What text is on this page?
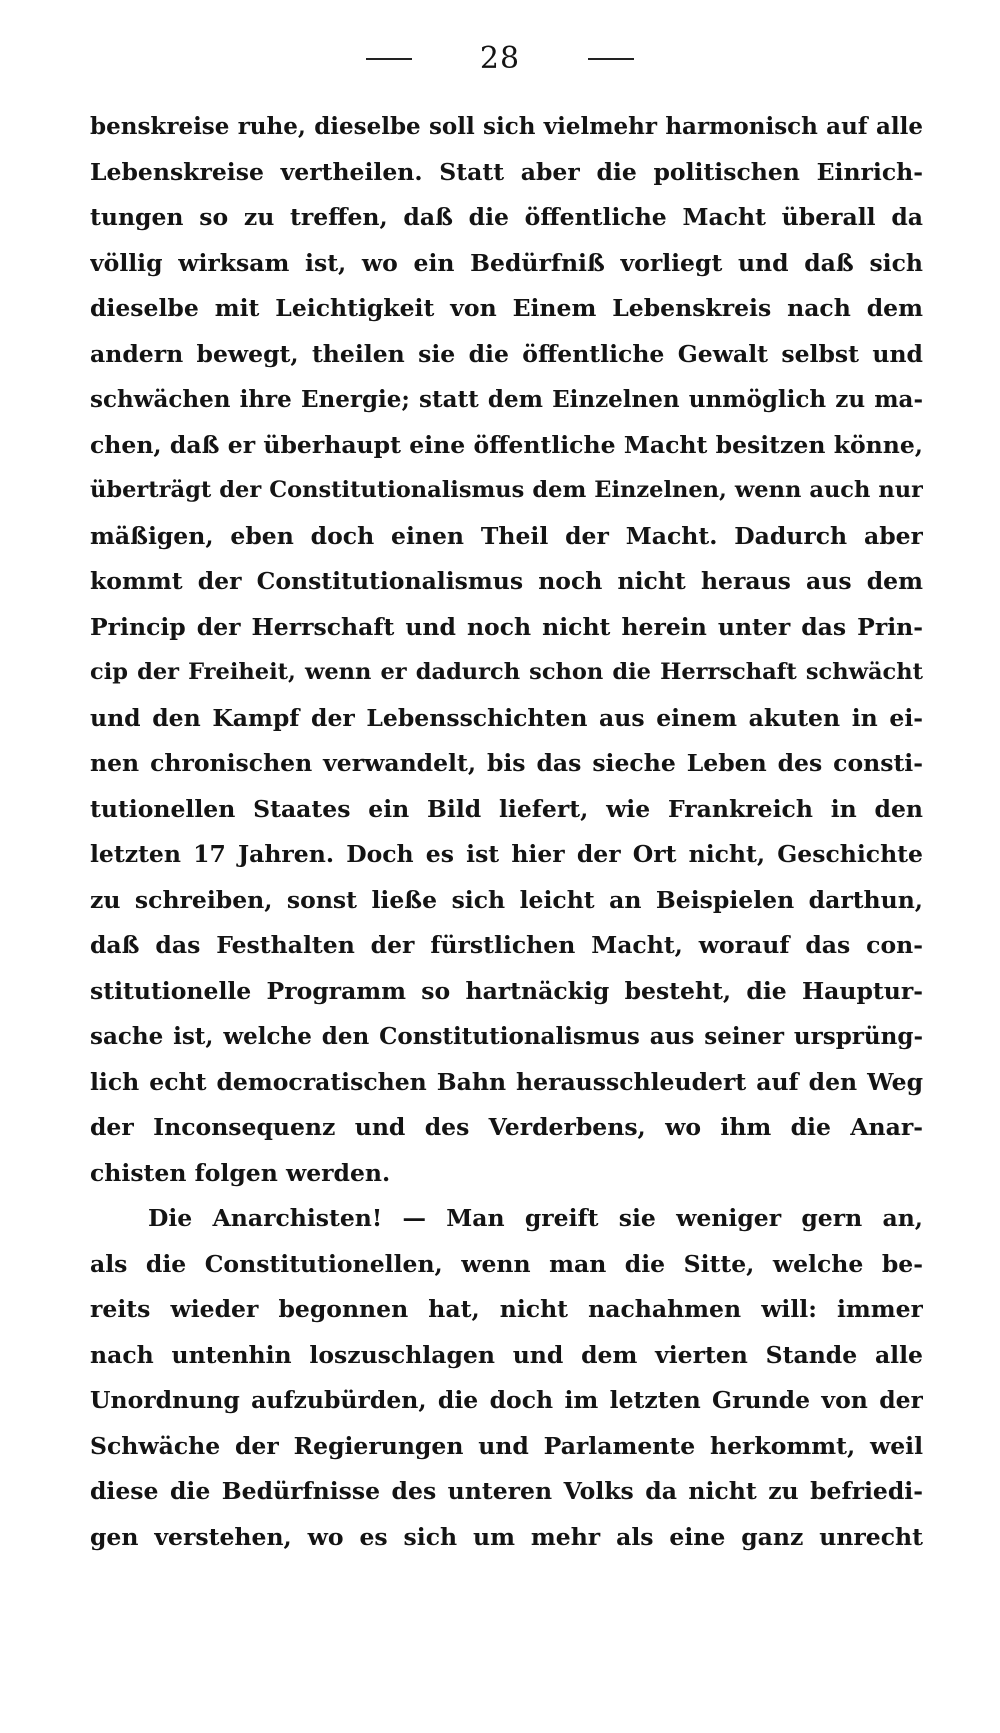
28
benskreise ruhe, dieselbe soll sich vielmehr harmonisch auf alle
Lebenskreise vertheilen. Statt aber die politischen Einrich-
tungen so zu treffen, daß die öffentliche Macht überall da
völlig wirksam ist, wo ein Bedürfniß vorliegt und daß sich
dieselbe mit Leichtigkeit von Einem Lebenskreis nach dem
andern bewegt, theilen sie die öffentliche Gewalt selbst und
schwächen ihre Energie; statt dem Einzelnen unmöglich zu ma-
chen, daß er überhaupt eine öffentliche Macht besitzen könne,
überträgt der Constitutionalismus dem Einzelnen, wenn auch nur
mäßigen, eben doch einen Theil der Macht. Dadurch aber
kommt der Constitutionalismus noch nicht heraus aus dem
Princip der Herrschaft und noch nicht herein unter das Prin-
cip der Freiheit, wenn er dadurch schon die Herrschaft schwächt
und den Kampf der Lebensschichten aus einem akuten in ei-
nen chronischen verwandelt, bis das sieche Leben des consti-
tutionellen Staates ein Bild liefert, wie Frankreich in den
letzten 17 Jahren. Doch es ist hier der Ort nicht, Geschichte
zu schreiben, sonst ließe sich leicht an Beispielen darthun,
daß das Festhalten der fürstlichen Macht, worauf das con-
stitutionelle Programm so hartnäckig besteht, die Hauptur-
sache ist, welche den Constitutionalismus aus seiner ursprüng-
lich echt democratischen Bahn herausschleudert auf den Weg
der Inconsequenz und des Verderbens, wo ihm die Anar-
chisten folgen werden.
Die Anarchisten! — Man greift sie weniger gern an,
als die Constitutionellen, wenn man die Sitte, welche be-
reits wieder begonnen hat, nicht nachahmen will: immer
nach untenhin loszuschlagen und dem vierten Stande alle
Unordnung aufzubürden, die doch im letzten Grunde von der
Schwäche der Regierungen und Parlamente herkommt, weil
diese die Bedürfnisse des unteren Volks da nicht zu befriedi-
gen verstehen, wo es sich um mehr als eine ganz unrecht
